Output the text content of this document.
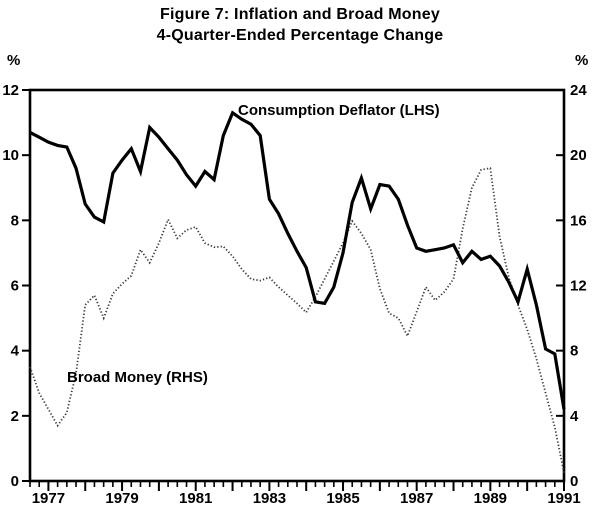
Figure 7: Inflation and Broad Money
4-Quarter-Ended Percentage Change
%	%
0
2
4
6
8
10
12
0
4
8
12
16
20
24
1977	1979	1981	1983	1985	1987	1989	1991
Consumption Deflator (LHS)
Broad Money (RHS)
